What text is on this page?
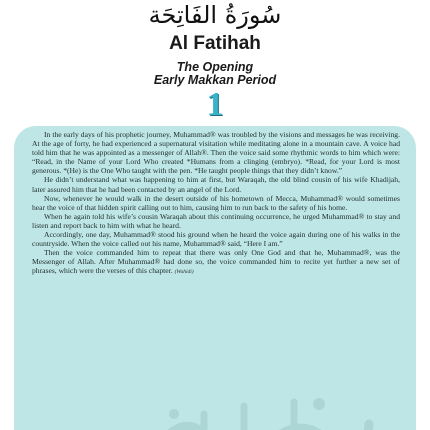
سُورَةُ الفَاتِحَة
Al Fatihah
The Opening
Early Makkan Period
1

In the early days of his prophetic journey, Muhammad® was troubled by the visions and messages he was receiving. At the age of forty, he had experienced a supernatural visitation while meditating alone in a mountain cave. A voice had told him that he was appointed as a messenger of Allah®. Then the voice said some rhythmic words to him which were: “Read, in the Name of your Lord Who created *Humans from a clinging (embryo). *Read, for your Lord is most generous. *(He) is the One Who taught with the pen. *He taught people things that they didn’t know.”

He didn’t understand what was happening to him at first, but Waraqah, the old blind cousin of his wife Khadijah, later assured him that he had been contacted by an angel of the Lord.

Now, whenever he would walk in the desert outside of his hometown of Mecca, Muhammad® would sometimes hear the voice of that hidden spirit calling out to him, causing him to run back to the safety of his home.

When he again told his wife’s cousin Waraqah about this continuing occurrence, he urged Muhammad® to stay and listen and report back to him with what he heard.

Accordingly, one day, Muhammad® stood his ground when he heard the voice again during one of his walks in the countryside. When the voice called out his name, Muhammad® said, “Here I am.”

Then the voice commanded him to repeat that there was only One God and that he, Muhammad®, was the Messenger of Allah. After Muhammad® had done so, the voice commanded him to recite yet further a new set of phrases, which were the verses of this chapter. (Wahidi)
